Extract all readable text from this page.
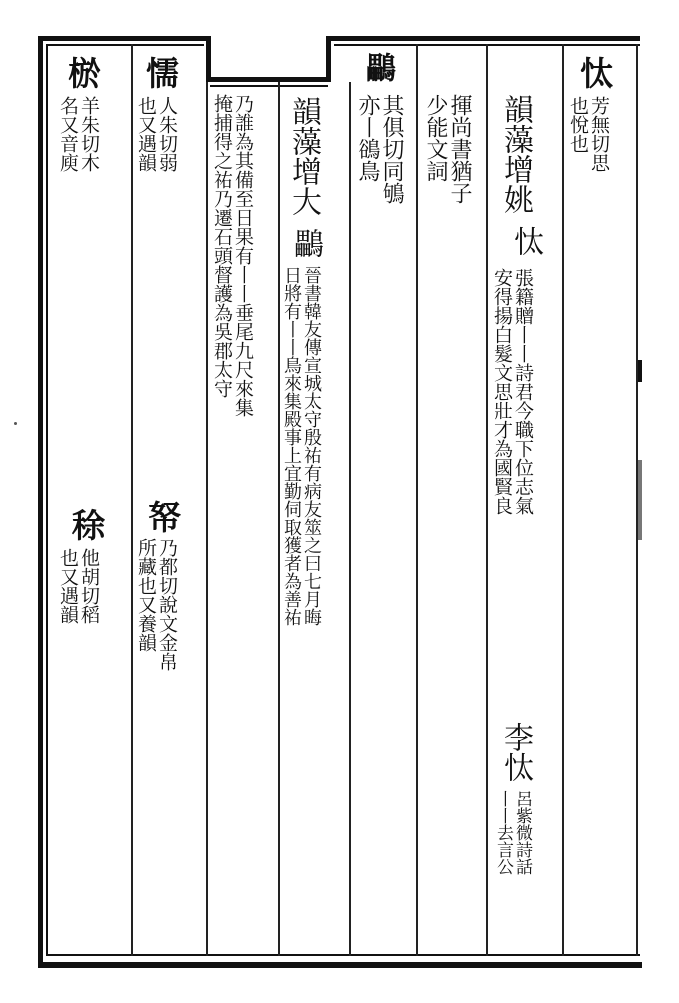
忲
芳無切思
也悅也
韻藻增姚
忲
張籍贈丨丨詩君今職下位志氣
安得揚白髮文思壯才為國賢良
李忲
呂紫微詩話
丨丨去言公
揮尚書猶子
少能文詞
鸓
其俱切同鴝
亦丨鵒鳥
韻藻增大
鸓
晉書韓友傳宣城太守殷祐有病友筮之曰七月晦
日將有丨丨鳥來集殿事上宜勤伺取獲者為善祐
乃誰為其備至日果有丨丨垂尾九尺來集
掩捕得之祐乃遷石頭督護為吳郡太守
懦
人朱切弱
也又遇韻
帑
乃都切說文金帛
所藏也又養韻
棜
羊朱切木
名又音庾
稌
他胡切稻
也又遇韻
